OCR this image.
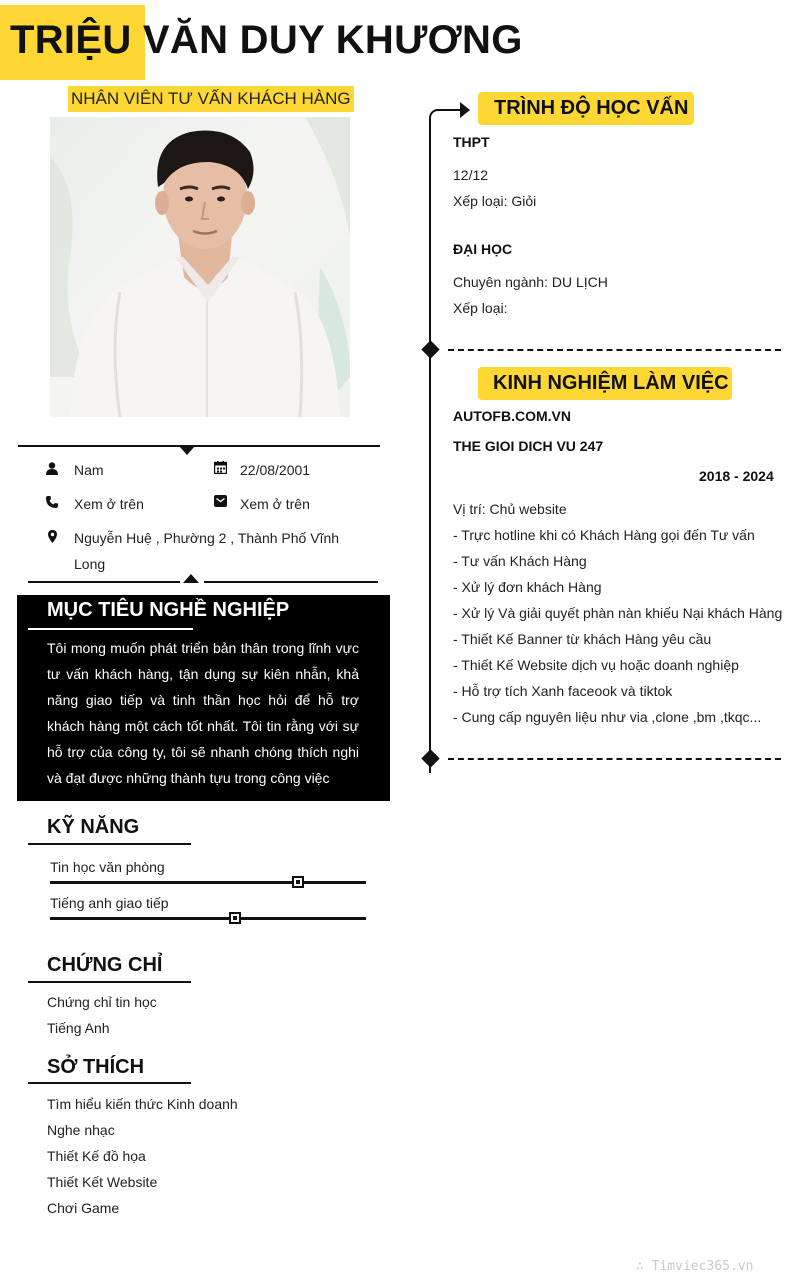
TRIỆU VĂN DUY KHƯƠNG
NHÂN VIÊN TƯ VẤN KHÁCH HÀNG
Nam	22/08/2001
Xem ở trên	Xem ở trên
Nguyễn Huệ , Phường 2 , Thành Phố Vĩnh
Long
MỤC TIÊU NGHỀ NGHIỆP
Tôi mong muốn phát triển bản thân trong lĩnh vực tư vấn khách hàng, tận dụng sự kiên nhẫn, khả năng giao tiếp và tinh thần học hỏi để hỗ trợ khách hàng một cách tốt nhất. Tôi tin rằng với sự hỗ trợ của công ty, tôi sẽ nhanh chóng thích nghi và đạt được những thành tựu trong công việc
KỸ NĂNG
Tin học văn phòng
Tiếng anh giao tiếp
CHỨNG CHỈ
Chứng chỉ tin học
Tiếng Anh
SỞ THÍCH
Tìm hiểu kiến thức Kinh doanh
Nghe nhạc
Thiết Kế đồ họa
Thiết Kết Website
Chơi Game
TRÌNH ĐỘ HỌC VẤN
THPT
12/12
Xếp loại: Giỏi
ĐẠI HỌC
Chuyên ngành: DU LỊCH
Xếp loại:
KINH NGHIỆM LÀM VIỆC
AUTOFB.COM.VN
THE GIOI DICH VU 247
2018 - 2024
Vị trí: Chủ website
- Trực hotline khi có Khách Hàng gọi đến Tư vấn
- Tư vấn Khách Hàng
- Xử lý đơn khách Hàng
- Xử lý Và giải quyết phàn nàn khiếu Nại khách Hàng
- Thiết Kế Banner từ khách Hàng yêu cầu
- Thiết Kế Website dịch vụ hoặc doanh nghiệp
- Hỗ trợ tích Xanh faceook và tiktok
- Cung cấp nguyên liệu như via ,clone ,bm ,tkqc...
∴ Timviec365.vn
